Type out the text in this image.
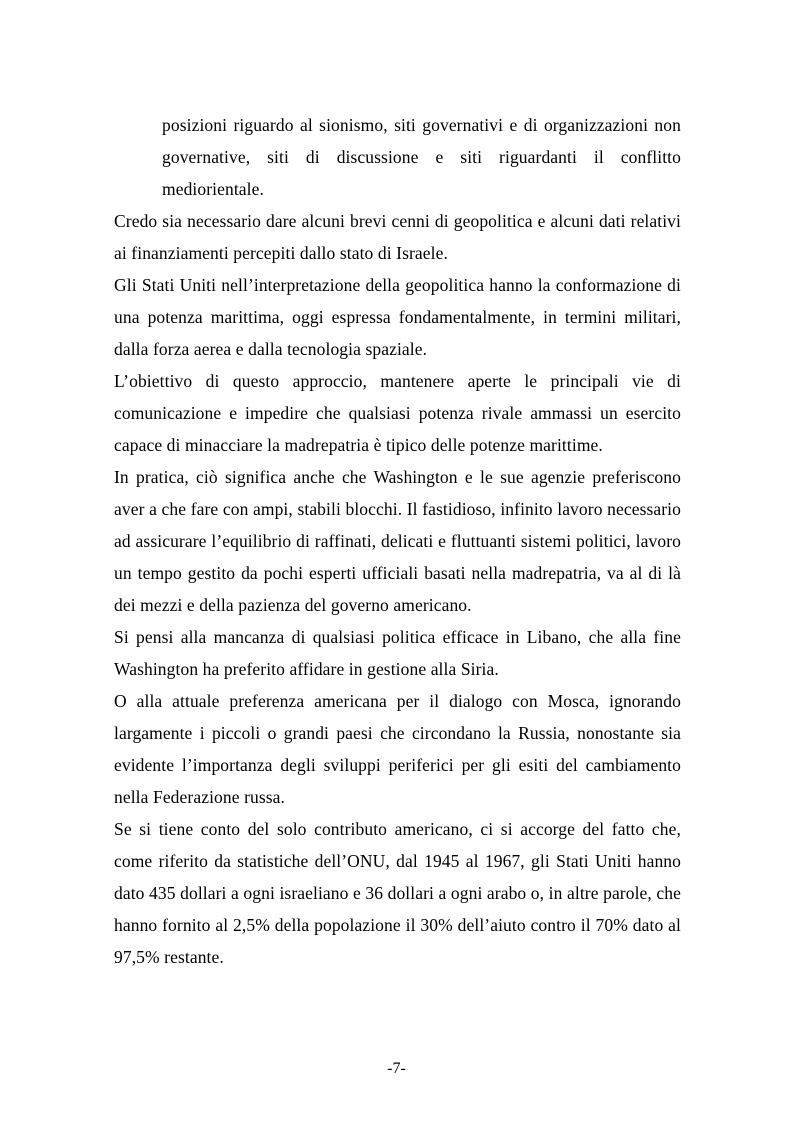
posizioni riguardo al sionismo, siti governativi e di organizzazioni non governative, siti di discussione e siti riguardanti il conflitto mediorientale.

Credo sia necessario dare alcuni brevi cenni di geopolitica e alcuni dati relativi ai finanziamenti percepiti dallo stato di Israele.

Gli Stati Uniti nell’interpretazione della geopolitica hanno la conformazione di una potenza marittima, oggi espressa fondamentalmente, in termini militari, dalla forza aerea e dalla tecnologia spaziale.

L’obiettivo di questo approccio, mantenere aperte le principali vie di comunicazione e impedire che qualsiasi potenza rivale ammassi un esercito capace di minacciare la madrepatria è tipico delle potenze marittime.

In pratica, ciò significa anche che Washington e le sue agenzie preferiscono aver a che fare con ampi, stabili blocchi. Il fastidioso, infinito lavoro necessario ad assicurare l’equilibrio di raffinati, delicati e fluttuanti sistemi politici, lavoro un tempo gestito da pochi esperti ufficiali basati nella madrepatria, va al di là dei mezzi e della pazienza del governo americano.

Si pensi alla mancanza di qualsiasi politica efficace in Libano, che alla fine Washington ha preferito affidare in gestione alla Siria.

O alla attuale preferenza americana per il dialogo con Mosca, ignorando largamente i piccoli o grandi paesi che circondano la Russia, nonostante sia evidente l’importanza degli sviluppi periferici per gli esiti del cambiamento nella Federazione russa.

Se si tiene conto del solo contributo americano, ci si accorge del fatto che, come riferito da statistiche dell’ONU, dal 1945 al 1967, gli Stati Uniti hanno dato 435 dollari a ogni israeliano e 36 dollari a ogni arabo o, in altre parole, che hanno fornito al 2,5% della popolazione il 30% dell’aiuto contro il 70% dato al 97,5% restante.

-7-
